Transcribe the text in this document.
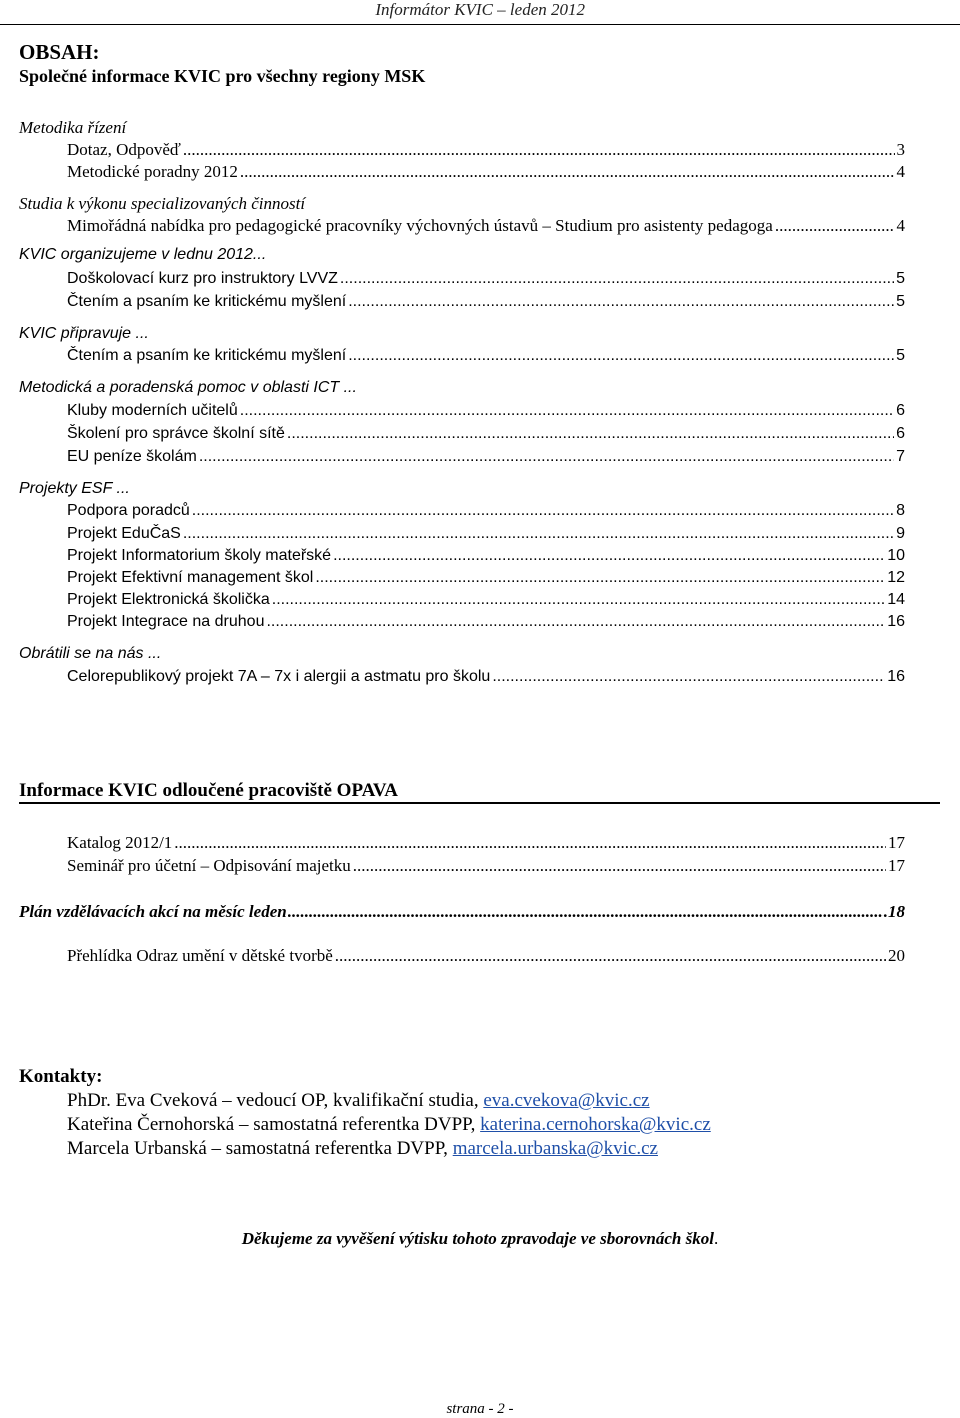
Informátor KVIC – leden 2012
OBSAH:
Společné informace KVIC pro všechny regiony MSK
Metodika řízení
Dotaz, Odpověď .....	3
Metodické poradny 2012 .....	4
Studia k výkonu specializovaných činností
Mimořádná nabídka pro pedagogické pracovníky výchovných ústavů – Studium pro asistenty pedagoga .....	4
KVIC organizujeme v lednu 2012...
Doškolovací kurz pro instruktory LVVZ .....	5
Čtením a psaním ke kritickému myšlení .....	5
KVIC připravuje ...
Čtením a psaním ke kritickému myšlení .....	5
Metodická a poradenská pomoc v oblasti ICT ...
Kluby moderních učitelů .....	6
Školení pro správce školní sítě .....	6
EU peníze školám .....	7
Projekty ESF ...
Podpora poradců .....	8
Projekt EduČaS .....	9
Projekt Informatorium školy mateřské .....	10
Projekt Efektivní management škol .....	12
Projekt Elektronická školička .....	14
Projekt Integrace na druhou .....	16
Obrátili se na nás ...
Celorepublikový projekt 7A – 7x i alergii a astmatu pro školu .....	16
Informace KVIC odloučené pracoviště OPAVA
Katalog 2012/1 .....	17
Seminář pro účetní – Odpisování majetku .....	17
Plán vzdělávacích akcí na měsíc leden .....	.18
Přehlídka Odraz umění v dětské tvorbě .....	20
Kontakty:
PhDr. Eva Cveková – vedoucí OP, kvalifikační studia, eva.cvekova@kvic.cz
Kateřina Černohorská – samostatná referentka DVPP, katerina.cernohorska@kvic.cz
Marcela Urbanská – samostatná referentka DVPP, marcela.urbanska@kvic.cz
Děkujeme za vyvěšení výtisku tohoto zpravodaje ve sborovnách škol.
strana - 2 -
